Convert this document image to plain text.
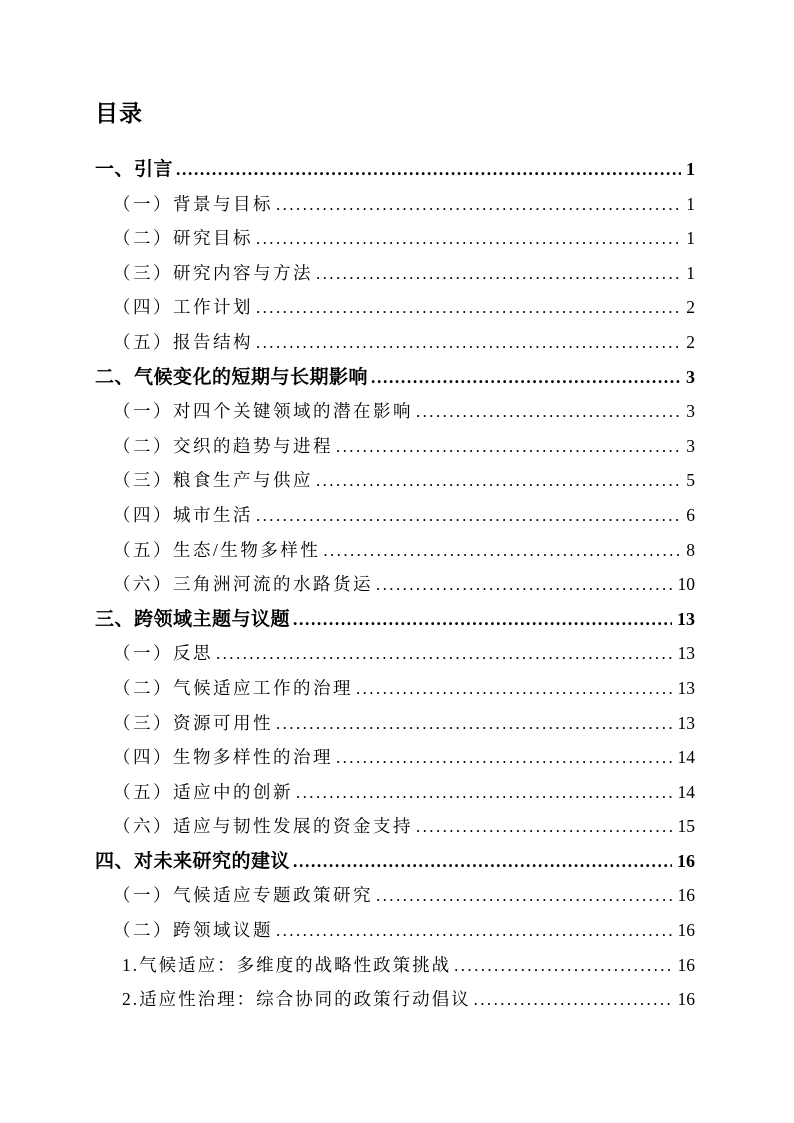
目录
一、引言 .....	1
（一）背景与目标 .....	1
（二）研究目标 .....	1
（三）研究内容与方法 .....	1
（四）工作计划 .....	2
（五）报告结构 .....	2
二、气候变化的短期与长期影响 .....	3
（一）对四个关键领域的潜在影响 .....	3
（二）交织的趋势与进程 .....	3
（三）粮食生产与供应 .....	5
（四）城市生活 .....	6
（五）生态/生物多样性 .....	8
（六）三角洲河流的水路货运 .....	10
三、跨领域主题与议题 .....	13
（一）反思 .....	13
（二）气候适应工作的治理 .....	13
（三）资源可用性 .....	13
（四）生物多样性的治理 .....	14
（五）适应中的创新 .....	14
（六）适应与韧性发展的资金支持 .....	15
四、对未来研究的建议 .....	16
（一）气候适应专题政策研究 .....	16
（二）跨领域议题 .....	16
1.气候适应：多维度的战略性政策挑战 .....	16
2.适应性治理：综合协同的政策行动倡议 .....	16
